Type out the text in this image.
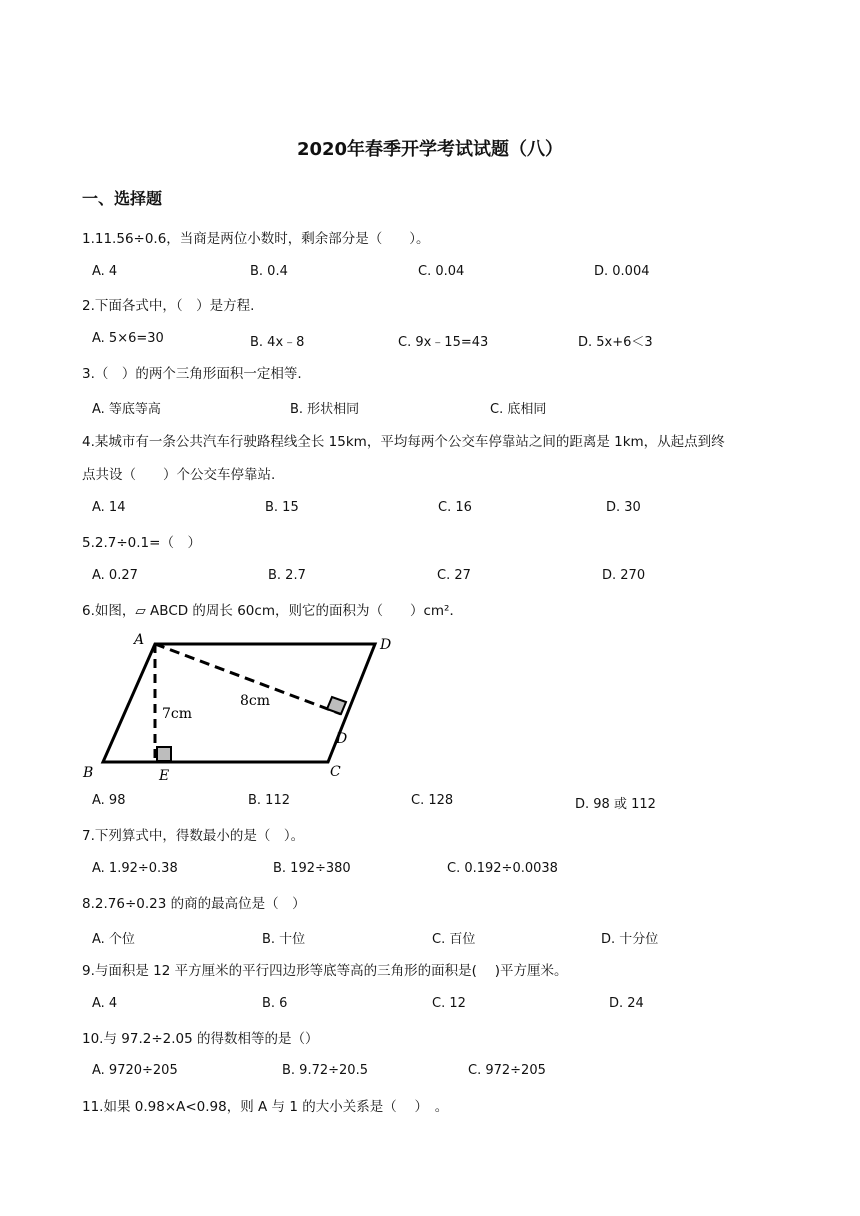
2020年春季开学考试试题（八）
一、选择题
1.11.56÷0.6，当商是两位小数时，剩余部分是（　　）。
A. 4	B. 0.4	C. 0.04	D. 0.004
2.下面各式中，（　）是方程.
A. 5×6=30	B. 4x﹣8	C. 9x﹣15=43	D. 5x+6＜3
3.（　）的两个三角形面积一定相等.
A. 等底等高	B. 形状相同	C. 底相同
4.某城市有一条公共汽车行驶路程线全长 15km，平均每两个公交车停靠站之间的距离是 1km，从起点到终
点共设（　　）个公交车停靠站.
A. 14	B. 15	C. 16	D. 30
5.2.7÷0.1=（　）
A. 0.27	B. 2.7	C. 27	D. 270
6.如图，▱ ABCD 的周长 60cm，则它的面积为（　　）cm²．
A	D
B	E	C
D
7cm
8cm
A. 98	B. 112	C. 128	D. 98 或 112
7.下列算式中，得数最小的是（　）。
A. 1.92÷0.38	B. 192÷380	C. 0.192÷0.0038
8.2.76÷0.23 的商的最高位是（　）
A. 个位	B. 十位	C. 百位	D. 十分位
9.与面积是 12 平方厘米的平行四边形等底等高的三角形的面积是(　 )平方厘米。
A. 4	B. 6	C. 12	D. 24
10.与 97.2÷2.05 的得数相等的是（）
A. 9720÷205	B. 9.72÷20.5	C. 972÷205
11.如果 0.98×A<0.98，则 A 与 1 的大小关系是（　 ）　。
